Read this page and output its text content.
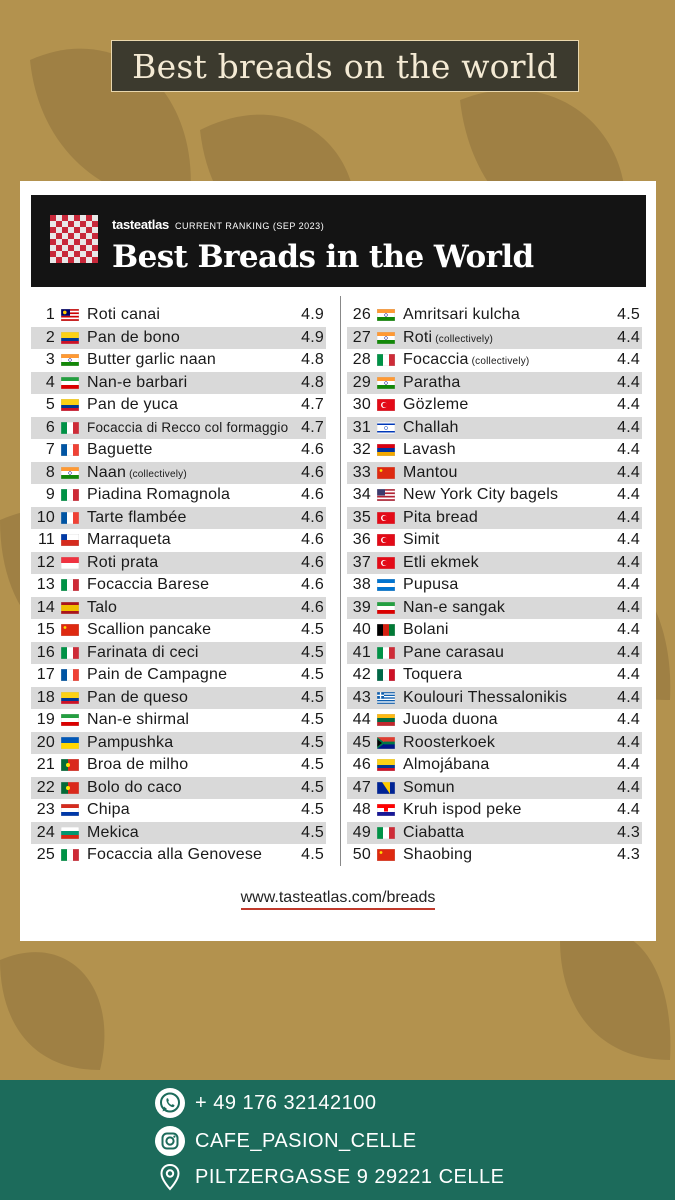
Best breads on the world
tasteatlas CURRENT RANKING (SEP 2023)
Best Breads in the World
1 Roti canai	4.9
2 Pan de bono	4.9
3 Butter garlic naan	4.8
4 Nan-e barbari	4.8
5 Pan de yuca	4.7
6 Focaccia di Recco col formaggio 4.7
7 Baguette	4.6
8 Naan (collectively)	4.6
9 Piadina Romagnola	4.6
10 Tarte flambée	4.6
11 Marraqueta	4.6
12 Roti prata	4.6
13 Focaccia Barese	4.6
14 Talo	4.6
15 Scallion pancake	4.5
16 Farinata di ceci	4.5
17 Pain de Campagne	4.5
18 Pan de queso	4.5
19 Nan-e shirmal	4.5
20 Pampushka	4.5
21 Broa de milho	4.5
22 Bolo do caco	4.5
23 Chipa	4.5
24 Mekica	4.5
25 Focaccia alla Genovese	4.5
26 Amritsari kulcha	4.5
27 Roti (collectively)	4.4
28 Focaccia (collectively)	4.4
29 Paratha	4.4
30 Gözleme	4.4
31 Challah	4.4
32 Lavash	4.4
33 Mantou	4.4
34 New York City bagels	4.4
35 Pita bread	4.4
36 Simit	4.4
37 Etli ekmek	4.4
38 Pupusa	4.4
39 Nan-e sangak	4.4
40 Bolani	4.4
41 Pane carasau	4.4
42 Toquera	4.4
43 Koulouri Thessalonikis	4.4
44 Juoda duona	4.4
45 Roosterkoek	4.4
46 Almojábana	4.4
47 Somun	4.4
48 Kruh ispod peke	4.4
49 Ciabatta	4.3
50 Shaobing	4.3
www.tasteatlas.com/breads
+ 49 176 32142100
CAFE_PASION_CELLE
PILTZERGASSE 9 29221 CELLE
